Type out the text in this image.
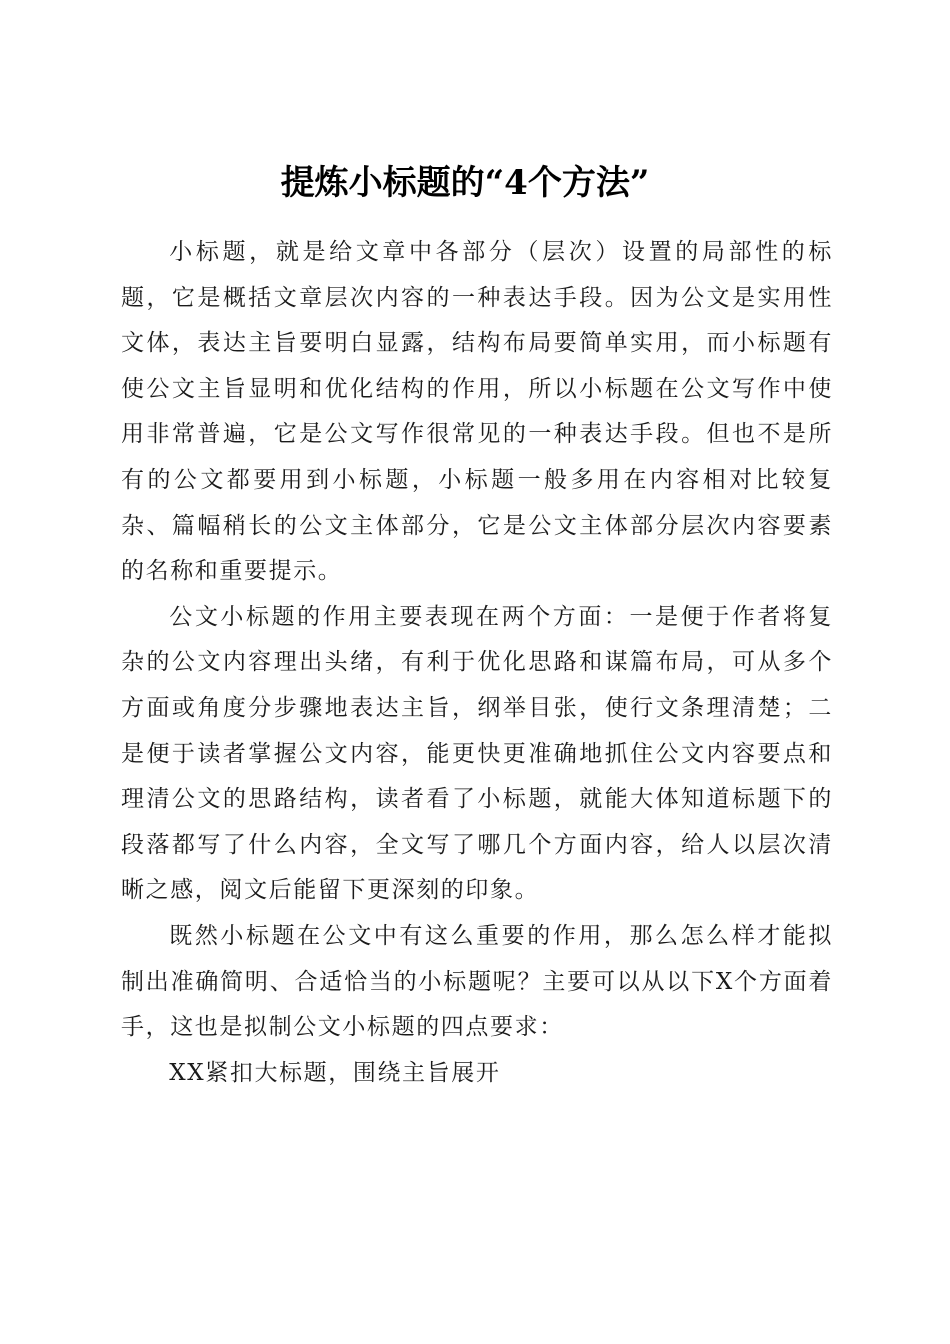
提炼小标题的“4个方法”

小标题，就是给文章中各部分（层次）设置的局部性的标题，它是概括文章层次内容的一种表达手段。因为公文是实用性文体，表达主旨要明白显露，结构布局要简单实用，而小标题有使公文主旨显明和优化结构的作用，所以小标题在公文写作中使用非常普遍，它是公文写作很常见的一种表达手段。但也不是所有的公文都要用到小标题，小标题一般多用在内容相对比较复杂、篇幅稍长的公文主体部分，它是公文主体部分层次内容要素的名称和重要提示。

公文小标题的作用主要表现在两个方面：一是便于作者将复杂的公文内容理出头绪，有利于优化思路和谋篇布局，可从多个方面或角度分步骤地表达主旨，纲举目张，使行文条理清楚；二是便于读者掌握公文内容，能更快更准确地抓住公文内容要点和理清公文的思路结构，读者看了小标题，就能大体知道标题下的段落都写了什么内容，全文写了哪几个方面内容，给人以层次清晰之感，阅文后能留下更深刻的印象。

既然小标题在公文中有这么重要的作用，那么怎么样才能拟制出准确简明、合适恰当的小标题呢？主要可以从以下X个方面着手，这也是拟制公文小标题的四点要求：

XX紧扣大标题，围绕主旨展开
